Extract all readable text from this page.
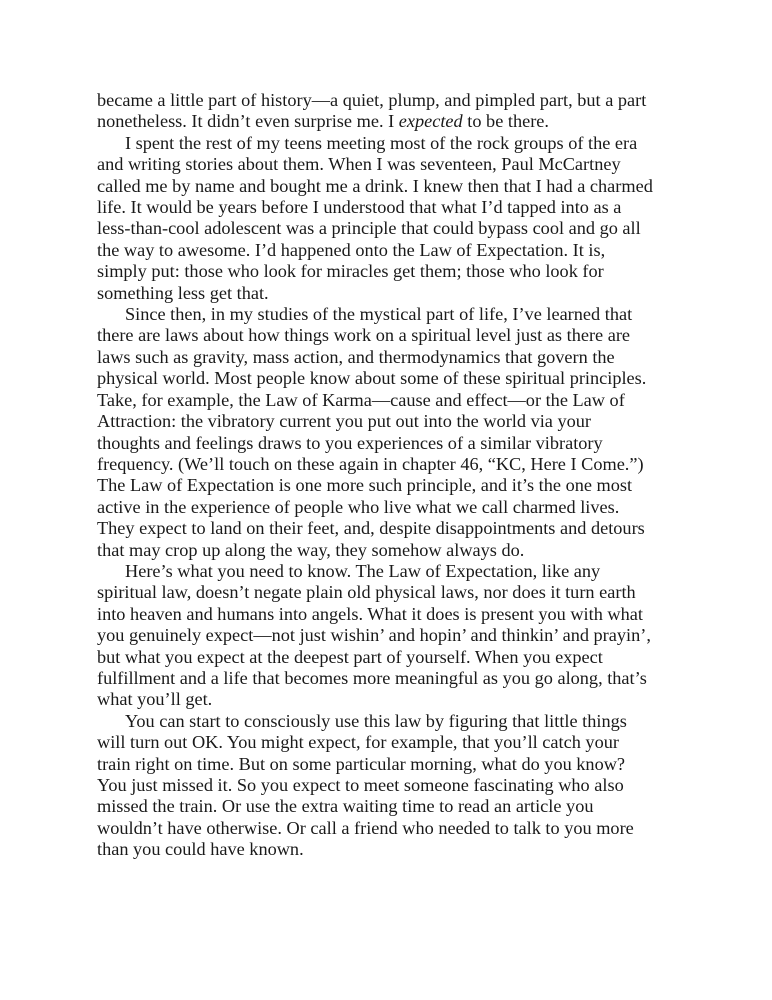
became a little part of history—a quiet, plump, and pimpled part, but a part
nonetheless. It didn’t even surprise me. I expected to be there.
I spent the rest of my teens meeting most of the rock groups of the era
and writing stories about them. When I was seventeen, Paul McCartney
called me by name and bought me a drink. I knew then that I had a charmed
life. It would be years before I understood that what I’d tapped into as a
less-than-cool adolescent was a principle that could bypass cool and go all
the way to awesome. I’d happened onto the Law of Expectation. It is,
simply put: those who look for miracles get them; those who look for
something less get that.
Since then, in my studies of the mystical part of life, I’ve learned that
there are laws about how things work on a spiritual level just as there are
laws such as gravity, mass action, and thermodynamics that govern the
physical world. Most people know about some of these spiritual principles.
Take, for example, the Law of Karma—cause and effect—or the Law of
Attraction: the vibratory current you put out into the world via your
thoughts and feelings draws to you experiences of a similar vibratory
frequency. (We’ll touch on these again in chapter 46, “KC, Here I Come.”)
The Law of Expectation is one more such principle, and it’s the one most
active in the experience of people who live what we call charmed lives.
They expect to land on their feet, and, despite disappointments and detours
that may crop up along the way, they somehow always do.
Here’s what you need to know. The Law of Expectation, like any
spiritual law, doesn’t negate plain old physical laws, nor does it turn earth
into heaven and humans into angels. What it does is present you with what
you genuinely expect—not just wishin’ and hopin’ and thinkin’ and prayin’,
but what you expect at the deepest part of yourself. When you expect
fulfillment and a life that becomes more meaningful as you go along, that’s
what you’ll get.
You can start to consciously use this law by figuring that little things
will turn out OK. You might expect, for example, that you’ll catch your
train right on time. But on some particular morning, what do you know?
You just missed it. So you expect to meet someone fascinating who also
missed the train. Or use the extra waiting time to read an article you
wouldn’t have otherwise. Or call a friend who needed to talk to you more
than you could have known.
